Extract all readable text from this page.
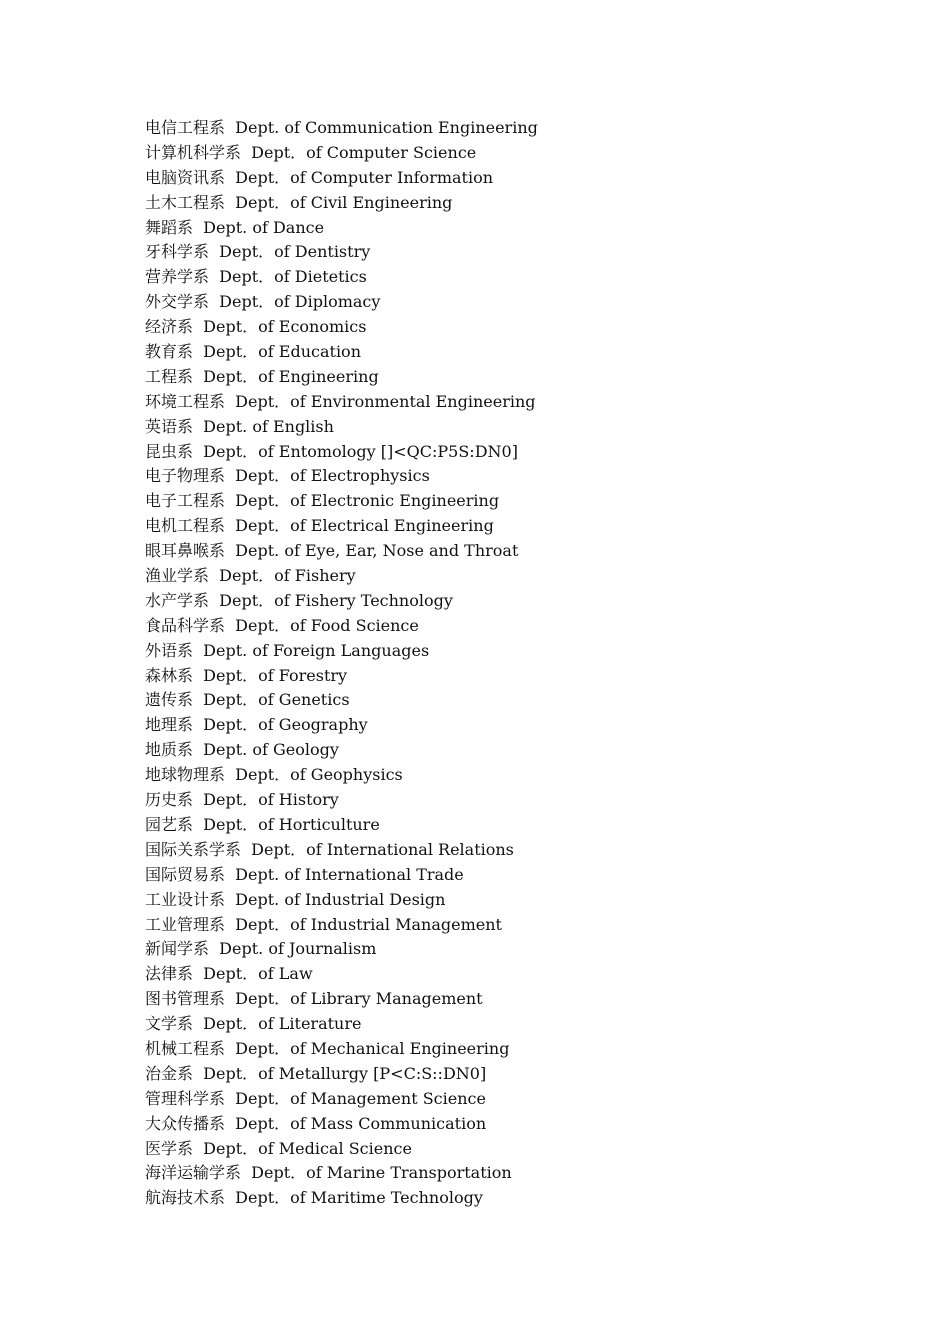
电信工程系  Dept. of Communication Engineering
计算机科学系  Dept．of Computer Science
电脑资讯系  Dept．of Computer Information
土木工程系  Dept．of Civil Engineering
舞蹈系  Dept. of Dance
牙科学系  Dept．of Dentistry
营养学系  Dept．of Dietetics
外交学系  Dept．of Diplomacy
经济系  Dept．of Economics
教育系  Dept．of Education
工程系  Dept．of Engineering
环境工程系  Dept．of Environmental Engineering
英语系  Dept. of English
昆虫系  Dept．of Entomology []<QC:P5S:DN0]
电子物理系  Dept．of Electrophysics
电子工程系  Dept．of Electronic Engineering
电机工程系  Dept．of Electrical Engineering
眼耳鼻喉系  Dept. of Eye, Ear, Nose and Throat
渔业学系  Dept．of Fishery
水产学系  Dept．of Fishery Technology
食品科学系  Dept．of Food Science
外语系  Dept. of Foreign Languages
森林系  Dept．of Forestry
遗传系  Dept．of Genetics
地理系  Dept．of Geography
地质系  Dept. of Geology
地球物理系  Dept．of Geophysics
历史系  Dept．of History
园艺系  Dept．of Horticulture
国际关系学系  Dept．of International Relations
国际贸易系  Dept. of International Trade
工业设计系  Dept. of Industrial Design
工业管理系  Dept．of Industrial Management
新闻学系  Dept. of Journalism
法律系  Dept．of Law
图书管理系  Dept．of Library Management
文学系  Dept．of Literature
机械工程系  Dept．of Mechanical Engineering
治金系  Dept．of Metallurgy [P<C:S::DN0]
管理科学系  Dept．of Management Science
大众传播系  Dept．of Mass Communication
医学系  Dept．of Medical Science
海洋运输学系  Dept．of Marine Transportation
航海技术系  Dept．of Maritime Technology
